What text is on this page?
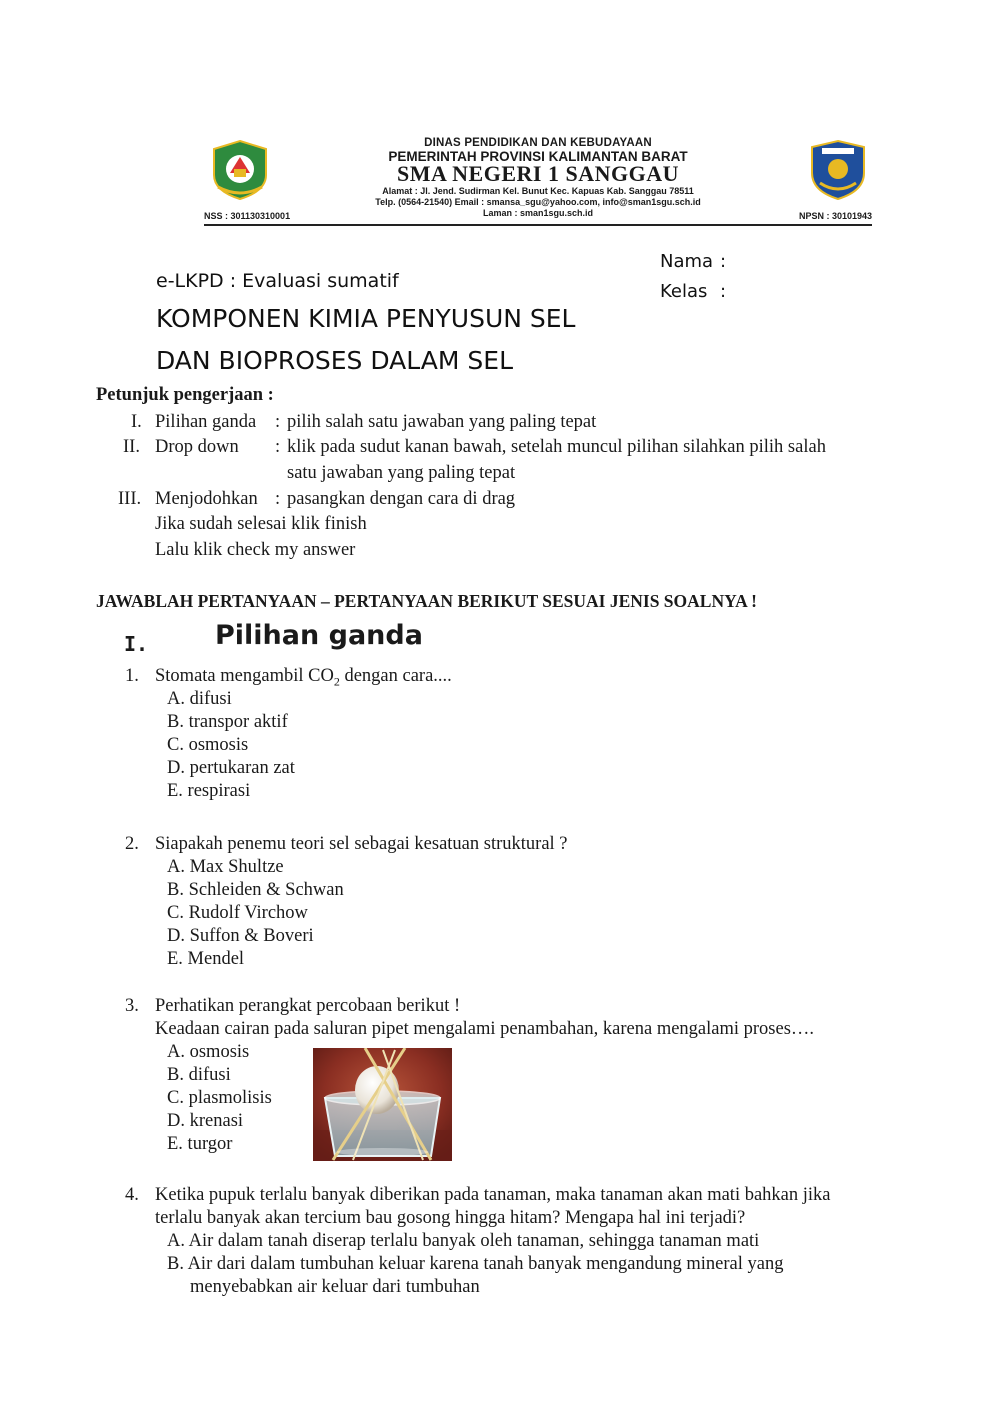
DINAS PENDIDIKAN DAN KEBUDAYAAN
PEMERINTAH PROVINSI KALIMANTAN BARAT
SMA NEGERI 1 SANGGAU
Alamat : Jl. Jend. Sudirman Kel. Bunut Kec. Kapuas Kab. Sanggau 78511
Telp. (0564-21540) Email : smansa_sgu@yahoo.com, info@sman1sgu.sch.id
Laman : sman1sgu.sch.id
NSS : 301130310001	NPSN : 30101943
e-LKPD : Evaluasi sumatif
Nama :
Kelas :
KOMPONEN KIMIA PENYUSUN SEL
DAN BIOPROSES DALAM SEL
Petunjuk pengerjaan :
I. Pilihan ganda : pilih salah satu jawaban yang paling tepat
II. Drop down : klik pada sudut kanan bawah, setelah muncul pilihan silahkan pilih salah
satu jawaban yang paling tepat
III. Menjodohkan : pasangkan dengan cara di drag
Jika sudah selesai klik finish
Lalu klik check my answer
JAWABLAH PERTANYAAN – PERTANYAAN BERIKUT SESUAI JENIS SOALNYA !
I. Pilihan ganda
1. Stomata mengambil $CO_2$ dengan cara....
A. difusi
B. transpor aktif
C. osmosis
D. pertukaran zat
E. respirasi
2. Siapakah penemu teori sel sebagai kesatuan struktural ?
A. Max Shultze
B. Schleiden & Schwan
C. Rudolf Virchow
D. Suffon & Boveri
E. Mendel
3. Perhatikan perangkat percobaan berikut !
Keadaan cairan pada saluran pipet mengalami penambahan, karena mengalami proses….
A. osmosis
B. difusi
C. plasmolisis
D. krenasi
E. turgor
4. Ketika pupuk terlalu banyak diberikan pada tanaman, maka tanaman akan mati bahkan jika
terlalu banyak akan tercium bau gosong hingga hitam? Mengapa hal ini terjadi?
A. Air dalam tanah diserap terlalu banyak oleh tanaman, sehingga tanaman mati
B. Air dari dalam tumbuhan keluar karena tanah banyak mengandung mineral yang
menyebabkan air keluar dari tumbuhan
